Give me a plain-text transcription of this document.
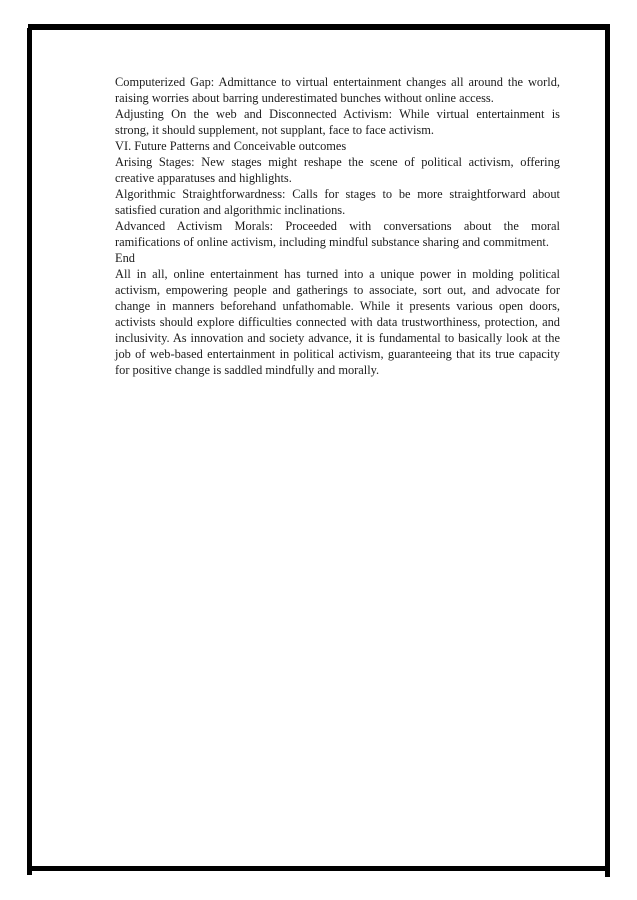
Computerized Gap: Admittance to virtual entertainment changes all around the world,
raising worries about barring underestimated bunches without online access.
Adjusting On the web and Disconnected Activism: While virtual entertainment is
strong, it should supplement, not supplant, face to face activism.
VI. Future Patterns and Conceivable outcomes
Arising Stages: New stages might reshape the scene of political activism, offering
creative apparatuses and highlights.
Algorithmic Straightforwardness: Calls for stages to be more straightforward about
satisfied curation and algorithmic inclinations.
Advanced Activism Morals: Proceeded with conversations about the moral
ramifications of online activism, including mindful substance sharing and commitment.
End
All in all, online entertainment has turned into a unique power in molding political
activism, empowering people and gatherings to associate, sort out, and advocate for
change in manners beforehand unfathomable. While it presents various open doors,
activists should explore difficulties connected with data trustworthiness, protection, and
inclusivity. As innovation and society advance, it is fundamental to basically look at the
job of web-based entertainment in political activism, guaranteeing that its true capacity
for positive change is saddled mindfully and morally.
